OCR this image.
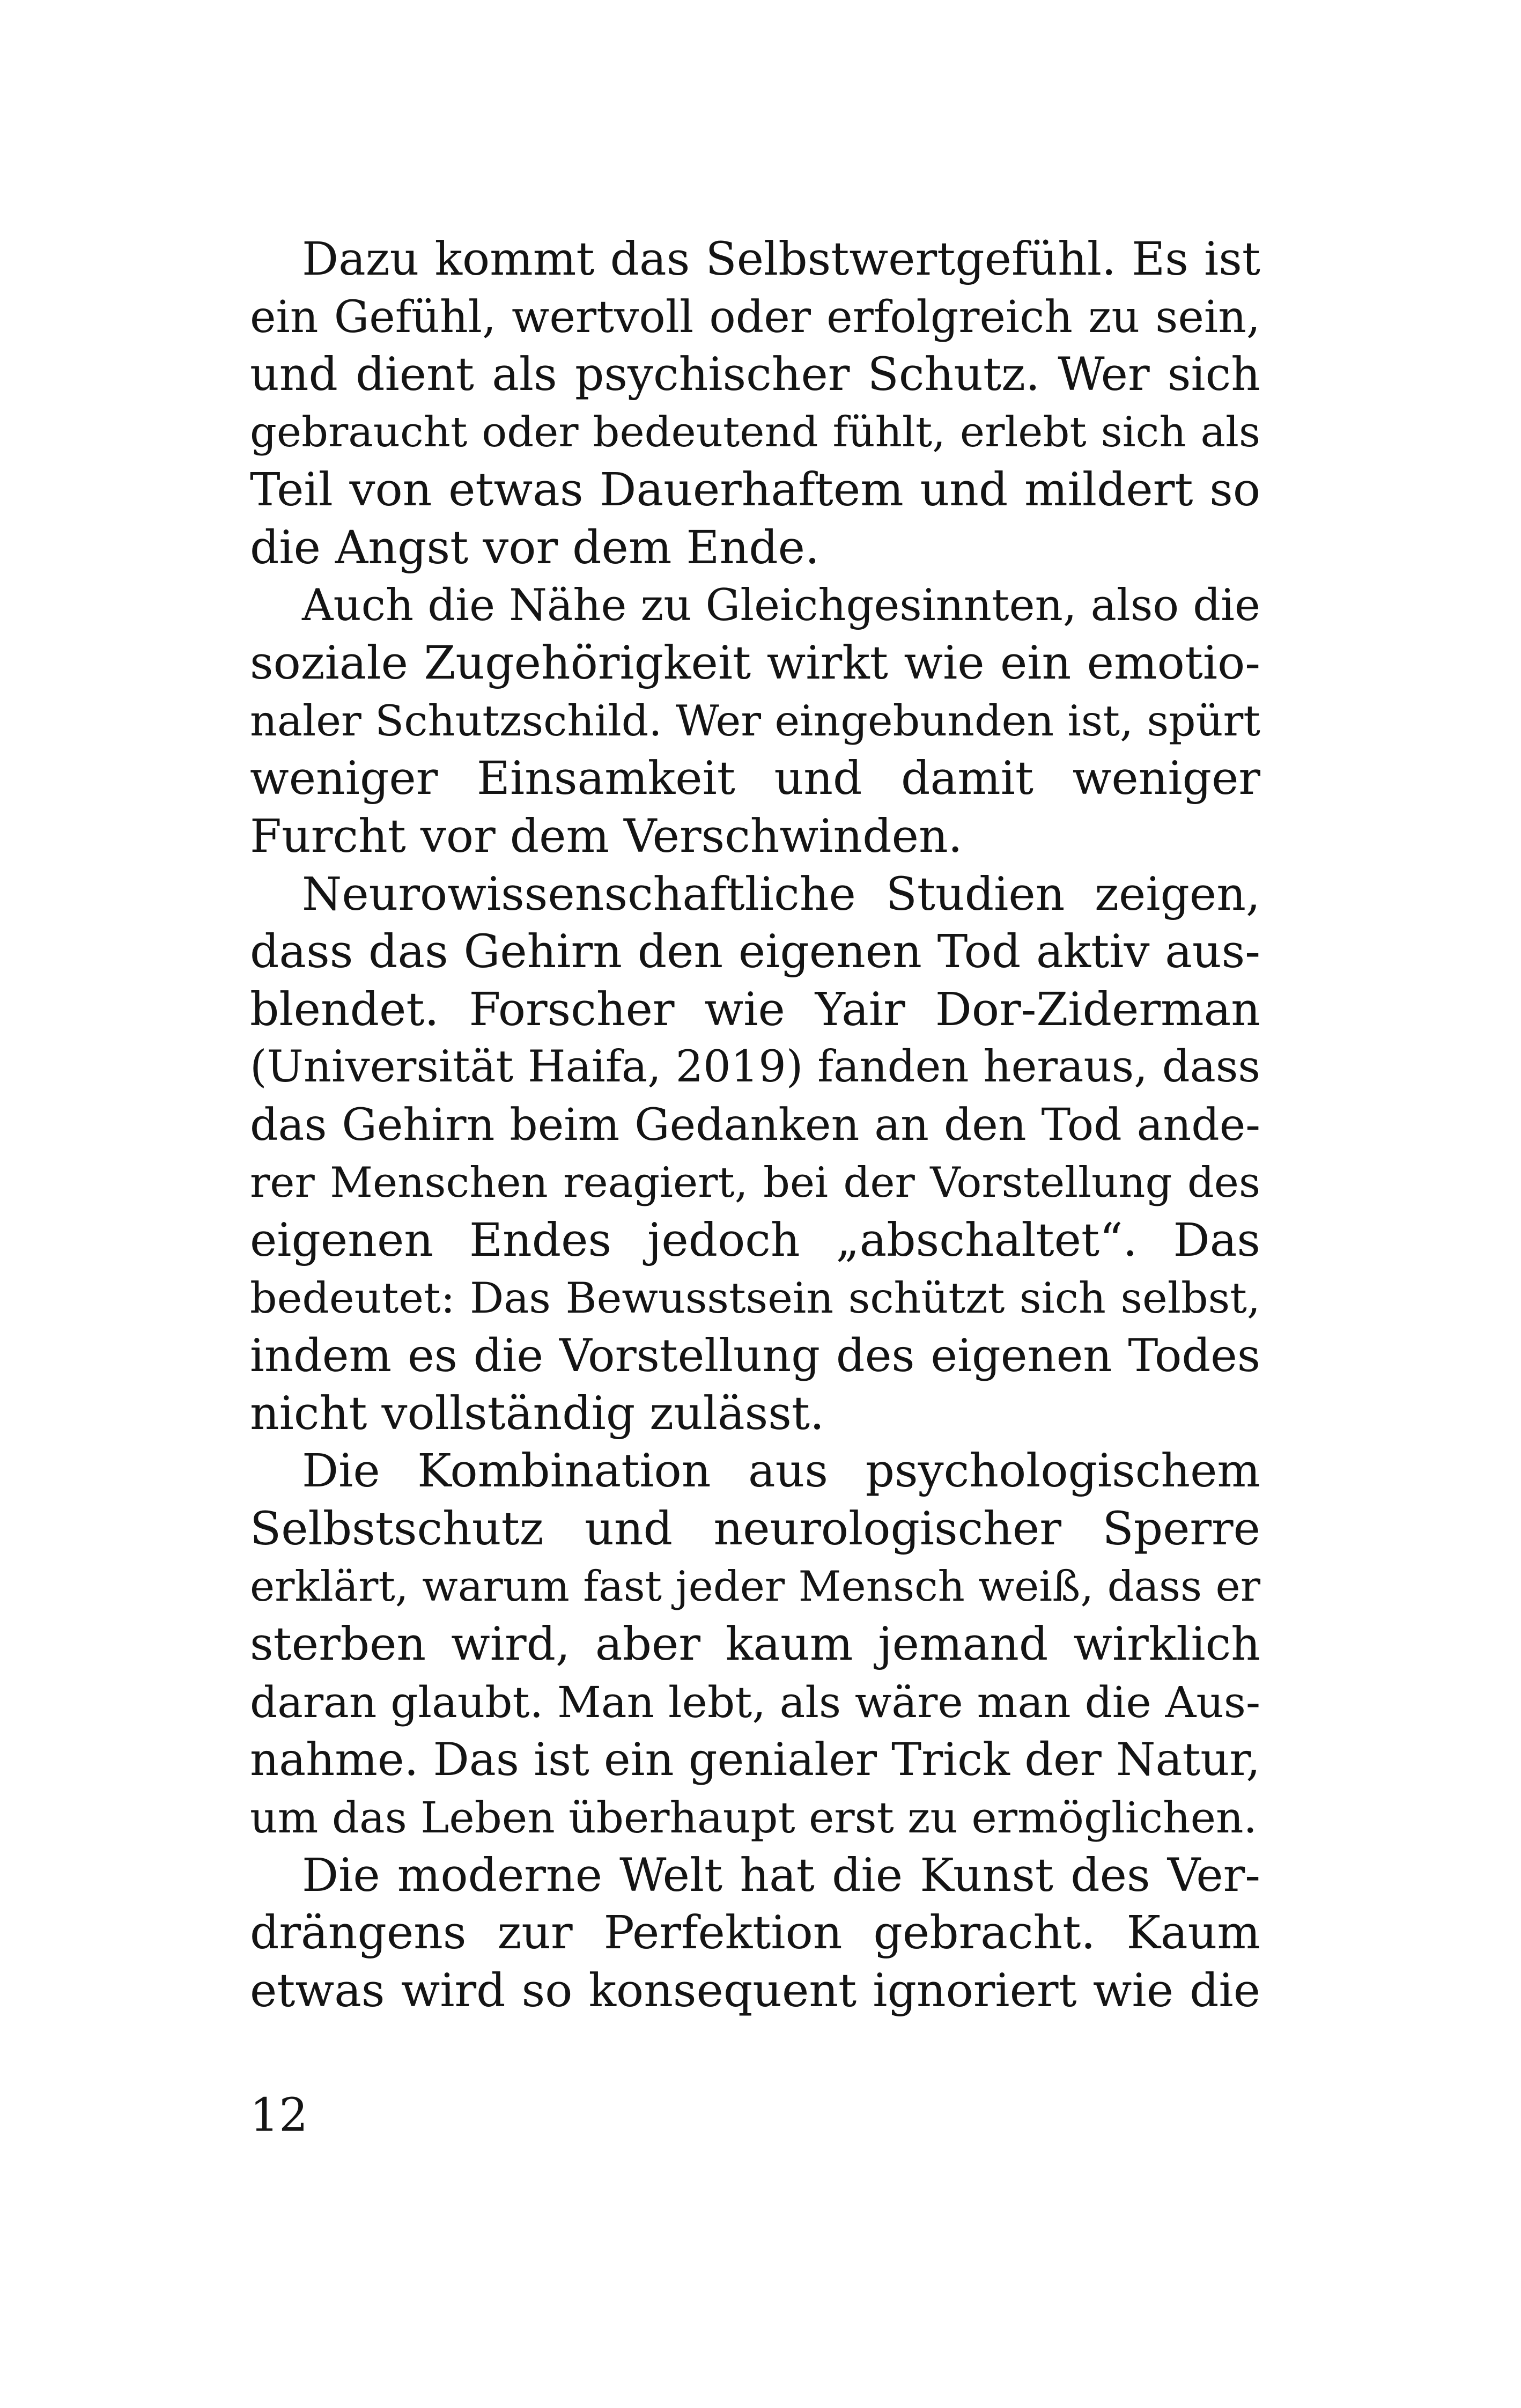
Dazu kommt das Selbstwertgefühl. Es ist
ein Gefühl, wertvoll oder erfolgreich zu sein,
und dient als psychischer Schutz. Wer sich
gebraucht oder bedeutend fühlt, erlebt sich als
Teil von etwas Dauerhaftem und mildert so
die Angst vor dem Ende.
Auch die Nähe zu Gleichgesinnten, also die
soziale Zugehörigkeit wirkt wie ein emotio-
naler Schutzschild. Wer eingebunden ist, spürt
weniger Einsamkeit und damit weniger
Furcht vor dem Verschwinden.
Neurowissenschaftliche Studien zeigen,
dass das Gehirn den eigenen Tod aktiv aus-
blendet. Forscher wie Yair Dor-Ziderman
(Universität Haifa, 2019) fanden heraus, dass
das Gehirn beim Gedanken an den Tod ande-
rer Menschen reagiert, bei der Vorstellung des
eigenen Endes jedoch „abschaltet“. Das
bedeutet: Das Bewusstsein schützt sich selbst,
indem es die Vorstellung des eigenen Todes
nicht vollständig zulässt.
Die Kombination aus psychologischem
Selbstschutz und neurologischer Sperre
erklärt, warum fast jeder Mensch weiß, dass er
sterben wird, aber kaum jemand wirklich
daran glaubt. Man lebt, als wäre man die Aus-
nahme. Das ist ein genialer Trick der Natur,
um das Leben überhaupt erst zu ermöglichen.
Die moderne Welt hat die Kunst des Ver-
drängens zur Perfektion gebracht. Kaum
etwas wird so konsequent ignoriert wie die
12
